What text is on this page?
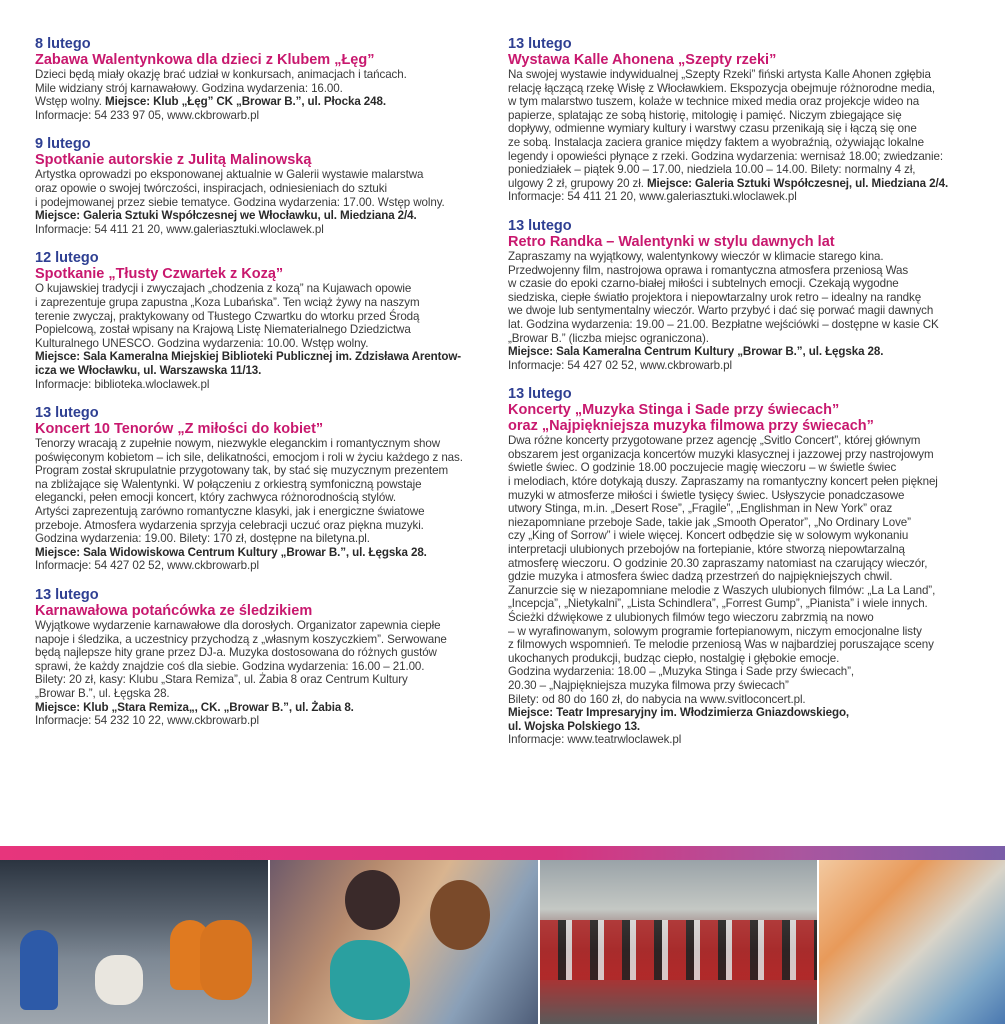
8 lutego
Zabawa Walentynkowa dla dzieci z Klubem „Łęg”
Dzieci będą miały okazję brać udział w konkursach, animacjach i tańcach.
Mile widziany strój karnawałowy. Godzina wydarzenia: 16.00.
Wstęp wolny. Miejsce: Klub „Łęg” CK „Browar B.”, ul. Płocka 248.
Informacje: 54 233 97 05, www.ckbrowarb.pl
9 lutego
Spotkanie autorskie z Julitą Malinowską
Artystka oprowadzi po eksponowanej aktualnie w Galerii wystawie malarstwa
oraz opowie o swojej twórczości, inspiracjach, odniesieniach do sztuki
i podejmowanej przez siebie tematyce. Godzina wydarzenia: 17.00. Wstęp wolny.
Miejsce: Galeria Sztuki Współczesnej we Włocławku, ul. Miedziana 2/4.
Informacje: 54 411 21 20, www.galeriasztuki.wloclawek.pl
12 lutego
Spotkanie „Tłusty Czwartek z Kozą”
O kujawskiej tradycji i zwyczajach „chodzenia z kozą” na Kujawach opowie
i zaprezentuje grupa zapustna „Koza Lubańska”. Ten wciąż żywy na naszym
terenie zwyczaj, praktykowany od Tłustego Czwartku do wtorku przed Środą
Popielcową, został wpisany na Krajową Listę Niematerialnego Dziedzictwa
Kulturalnego UNESCO. Godzina wydarzenia: 10.00. Wstęp wolny.
Miejsce: Sala Kameralna Miejskiej Biblioteki Publicznej im. Zdzisława Arentow-
icza we Włocławku, ul. Warszawska 11/13.
Informacje: biblioteka.wloclawek.pl
13 lutego
Koncert 10 Tenorów „Z miłości do kobiet”
Tenorzy wracają z zupełnie nowym, niezwykle eleganckim i romantycznym show
poświęconym kobietom – ich sile, delikatności, emocjom i roli w życiu każdego z nas.
Program został skrupulatnie przygotowany tak, by stać się muzycznym prezentem
na zbliżające się Walentynki. W połączeniu z orkiestrą symfoniczną powstaje
elegancki, pełen emocji koncert, który zachwyca różnorodnością stylów.
Artyści zaprezentują zarówno romantyczne klasyki, jak i energiczne światowe
przeboje. Atmosfera wydarzenia sprzyja celebracji uczuć oraz piękna muzyki.
Godzina wydarzenia: 19.00. Bilety: 170 zł, dostępne na biletyna.pl.
Miejsce: Sala Widowiskowa Centrum Kultury „Browar B.”, ul. Łęgska 28.
Informacje: 54 427 02 52, www.ckbrowarb.pl
13 lutego
Karnawałowa potańcówka ze śledzikiem
Wyjątkowe wydarzenie karnawałowe dla dorosłych. Organizator zapewnia ciepłe
napoje i śledzika, a uczestnicy przychodzą z „własnym koszyczkiem”. Serwowane
będą najlepsze hity grane przez DJ-a. Muzyka dostosowana do różnych gustów
sprawi, że każdy znajdzie coś dla siebie. Godzina wydarzenia: 16.00 – 21.00.
Bilety: 20 zł, kasy: Klubu „Stara Remiza”, ul. Żabia 8 oraz Centrum Kultury
„Browar B.”, ul. Łęgska 28.
Miejsce: Klub „Stara Remiza„, CK. „Browar B.”, ul. Żabia 8.
Informacje: 54 232 10 22, www.ckbrowarb.pl
13 lutego
Wystawa Kalle Ahonena „Szepty rzeki”
Na swojej wystawie indywidualnej „Szepty Rzeki” fiński artysta Kalle Ahonen zgłębia
relację łączącą rzekę Wisłę z Włocławkiem. Ekspozycja obejmuje różnorodne media,
w tym malarstwo tuszem, kolaże w technice mixed media oraz projekcje wideo na
papierze, splatając ze sobą historię, mitologię i pamięć. Niczym zbiegające się
dopływy, odmienne wymiary kultury i warstwy czasu przenikają się i łączą się one
ze sobą. Instalacja zaciera granice między faktem a wyobraźnią, ożywiając lokalne
legendy i opowieści płynące z rzeki. Godzina wydarzenia: wernisaż 18.00; zwiedzanie:
poniedziałek – piątek 9.00 – 17.00, niedziela 10.00 – 14.00. Bilety: normalny 4 zł,
ulgowy 2 zł, grupowy 20 zł. Miejsce: Galeria Sztuki Współczesnej, ul. Miedziana 2/4.
Informacje: 54 411 21 20, www.galeriasztuki.wloclawek.pl
13 lutego
Retro Randka – Walentynki w stylu dawnych lat
Zapraszamy na wyjątkowy, walentynkowy wieczór w klimacie starego kina.
Przedwojenny film, nastrojowa oprawa i romantyczna atmosfera przeniosą Was
w czasie do epoki czarno-białej miłości i subtelnych emocji. Czekają wygodne
siedziska, ciepłe światło projektora i niepowtarzalny urok retro – idealny na randkę
we dwoje lub sentymentalny wieczór. Warto przybyć i dać się porwać magii dawnych
lat. Godzina wydarzenia: 19.00 – 21.00. Bezpłatne wejściówki – dostępne w kasie CK
„Browar B.” (liczba miejsc ograniczona).
Miejsce: Sala Kameralna Centrum Kultury „Browar B.”, ul. Łęgska 28.
Informacje: 54 427 02 52, www.ckbrowarb.pl
13 lutego
Koncerty „Muzyka Stinga i Sade przy świecach”
oraz „Najpiękniejsza muzyka filmowa przy świecach”
Dwa różne koncerty przygotowane przez agencję „Svitlo Concert”, której głównym
obszarem jest organizacja koncertów muzyki klasycznej i jazzowej przy nastrojowym
świetle świec. O godzinie 18.00 poczujecie magię wieczoru – w świetle świec
i melodiach, które dotykają duszy. Zapraszamy na romantyczny koncert pełen pięknej
muzyki w atmosferze miłości i świetle tysięcy świec. Usłyszycie ponadczasowe
utwory Stinga, m.in. „Desert Rose”, „Fragile”, „Englishman in New York” oraz
niezapomniane przeboje Sade, takie jak „Smooth Operator”, „No Ordinary Love”
czy „King of Sorrow” i wiele więcej. Koncert odbędzie się w solowym wykonaniu
interpretacji ulubionych przebojów na fortepianie, które stworzą niepowtarzalną
atmosferę wieczoru. O godzinie 20.30 zapraszamy natomiast na czarujący wieczór,
gdzie muzyka i atmosfera świec dadzą przestrzeń do najpiękniejszych chwil.
Zanurzcie się w niezapomniane melodie z Waszych ulubionych filmów: „La La Land”,
„Incepcja”, „Nietykalni”, „Lista Schindlera”, „Forrest Gump”, „Pianista” i wiele innych.
Ścieżki dźwiękowe z ulubionych filmów tego wieczoru zabrzmią na nowo
– w wyrafinowanym, solowym programie fortepianowym, niczym emocjonalne listy
z filmowych wspomnień. Te melodie przeniosą Was w najbardziej poruszające sceny
ukochanych produkcji, budząc ciepło, nostalgię i głębokie emocje.
Godzina wydarzenia: 18.00 – „Muzyka Stinga i Sade przy świecach”,
20.30 – „Najpiękniejsza muzyka filmowa przy świecach”
Bilety: od 80 do 160 zł, do nabycia na www.svitloconcert.pl.
Miejsce: Teatr Impresaryjny im. Włodzimierza Gniazdowskiego,
ul. Wojska Polskiego 13.
Informacje: www.teatrwloclawek.pl
